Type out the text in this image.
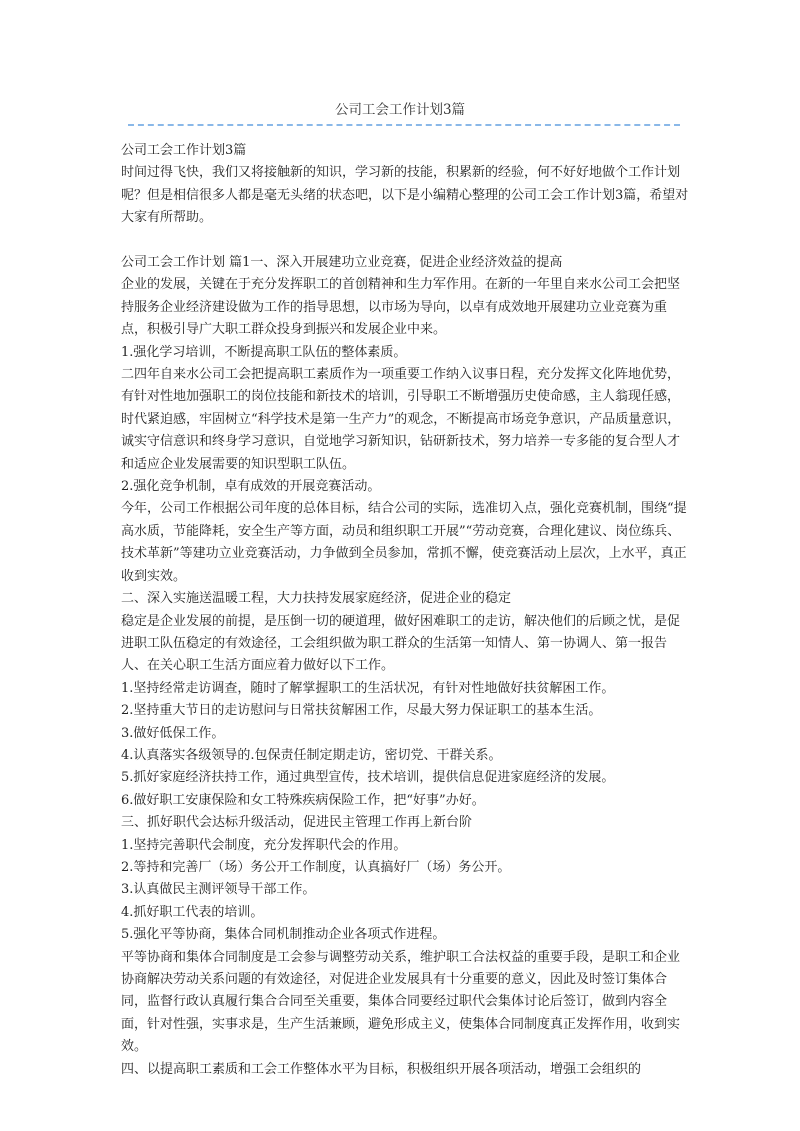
公司工会工作计划3篇

公司工会工作计划3篇

时间过得飞快，我们又将接触新的知识，学习新的技能，积累新的经验，何不好好地做个工作计划呢？但是相信很多人都是毫无头绪的状态吧，以下是小编精心整理的公司工会工作计划3篇，希望对大家有所帮助。

公司工会工作计划 篇1一、深入开展建功立业竞赛，促进企业经济效益的提高

企业的发展，关键在于充分发挥职工的首创精神和生力军作用。在新的一年里自来水公司工会把坚持服务企业经济建设做为工作的指导思想，以市场为导向，以卓有成效地开展建功立业竞赛为重点，积极引导广大职工群众投身到振兴和发展企业中来。

1.强化学习培训，不断提高职工队伍的整体素质。

二四年自来水公司工会把提高职工素质作为一项重要工作纳入议事日程，充分发挥文化阵地优势，有针对性地加强职工的岗位技能和新技术的培训，引导职工不断增强历史使命感，主人翁现任感，时代紧迫感，牢固树立“科学技术是第一生产力”的观念，不断提高市场竞争意识，产品质量意识，诚实守信意识和终身学习意识，自觉地学习新知识，钻研新技术，努力培养一专多能的复合型人才和适应企业发展需要的知识型职工队伍。

2.强化竞争机制，卓有成效的开展竞赛活动。

今年，公司工作根据公司年度的总体目标，结合公司的实际，选准切入点，强化竞赛机制，围绕“提高水质，节能降耗，安全生产等方面，动员和组织职工开展”“劳动竞赛，合理化建议、岗位练兵、技术革新”等建功立业竞赛活动，力争做到全员参加，常抓不懈，使竞赛活动上层次，上水平，真正收到实效。

二、深入实施送温暖工程，大力扶持发展家庭经济，促进企业的稳定

稳定是企业发展的前提，是压倒一切的硬道理，做好困难职工的走访，解决他们的后顾之忧，是促进职工队伍稳定的有效途径，工会组织做为职工群众的生活第一知情人、第一协调人、第一报告人、在关心职工生活方面应着力做好以下工作。

1.坚持经常走访调查，随时了解掌握职工的生活状况，有针对性地做好扶贫解困工作。

2.坚持重大节日的走访慰问与日常扶贫解困工作，尽最大努力保证职工的基本生活。

3.做好低保工作。

4.认真落实各级领导的.包保责任制定期走访，密切党、干群关系。

5.抓好家庭经济扶持工作，通过典型宣传，技术培训，提供信息促进家庭经济的发展。

6.做好职工安康保险和女工特殊疾病保险工作，把“好事”办好。

三、抓好职代会达标升级活动，促进民主管理工作再上新台阶

1.坚持完善职代会制度，充分发挥职代会的作用。

2.等持和完善厂（场）务公开工作制度，认真搞好厂（场）务公开。

3.认真做民主测评领导干部工作。

4.抓好职工代表的培训。

5.强化平等协商，集体合同机制推动企业各项式作进程。

平等协商和集体合同制度是工会参与调整劳动关系，维护职工合法权益的重要手段，是职工和企业协商解决劳动关系问题的有效途径，对促进企业发展具有十分重要的意义，因此及时签订集体合同，监督行政认真履行集合合同至关重要，集体合同要经过职代会集体讨论后签订，做到内容全面，针对性强，实事求是，生产生活兼顾，避免形成主义，使集体合同制度真正发挥作用，收到实效。

四、以提高职工素质和工会工作整体水平为目标，积极组织开展各项活动，增强工会组织的
